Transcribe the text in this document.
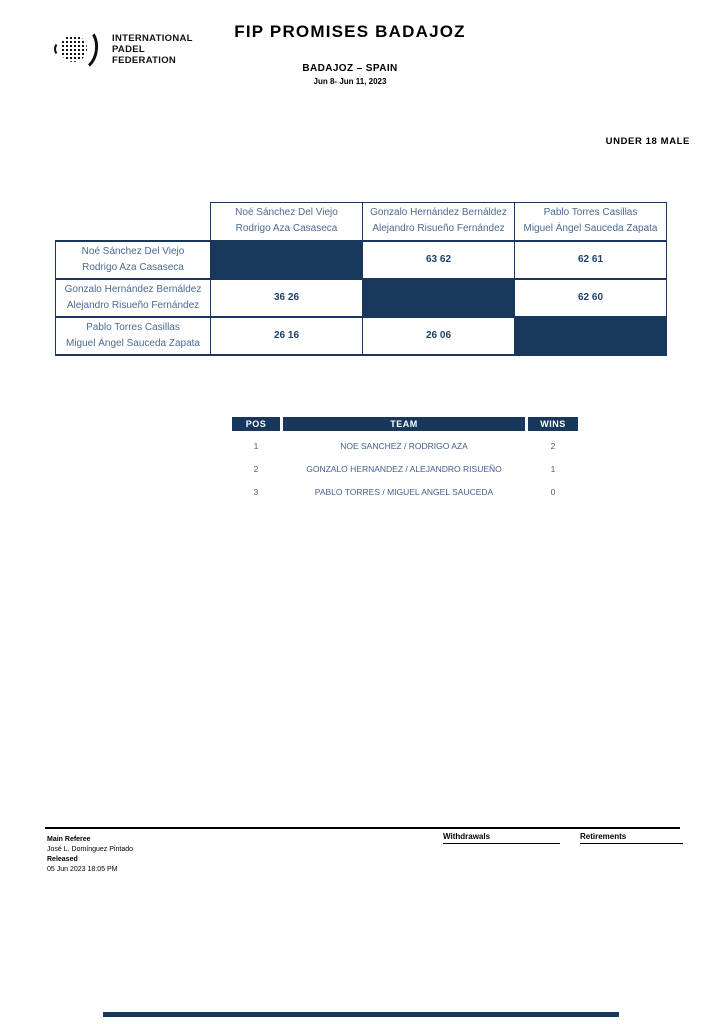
INTERNATIONAL
PADEL
FEDERATION
FIP PROMISES BADAJOZ
BADAJOZ – SPAIN
Jun 8- Jun 11, 2023
UNDER 18 MALE

Noé Sánchez Del Viejo
Rodrigo Aza Casaseca

Gonzalo Hernández Bernáldez
Alejandro Risueño Fernández

Pablo Torres Casillas
Miguel Ángel Sauceda Zapata

Noé Sánchez Del Viejo
Rodrigo Aza Casaseca		63 62	62 61

Gonzalo Hernández Bernáldez
Alejandro Risueño Fernández	36 26		62 60

Pablo Torres Casillas
Miguel Ángel Sauceda Zapata	26 16	26 06	
POS	TEAM	WINS
1	NOE SANCHEZ / RODRIGO AZA	2
2	GONZALO HERNANDEZ / ALEJANDRO RISUEÑO	1
3	PABLO TORRES / MIGUEL ANGEL SAUCEDA	0
Main Referee
José L. Domínguez Pintado
Released
05 Jun 2023 18:05 PM
Withdrawals	Retirements
